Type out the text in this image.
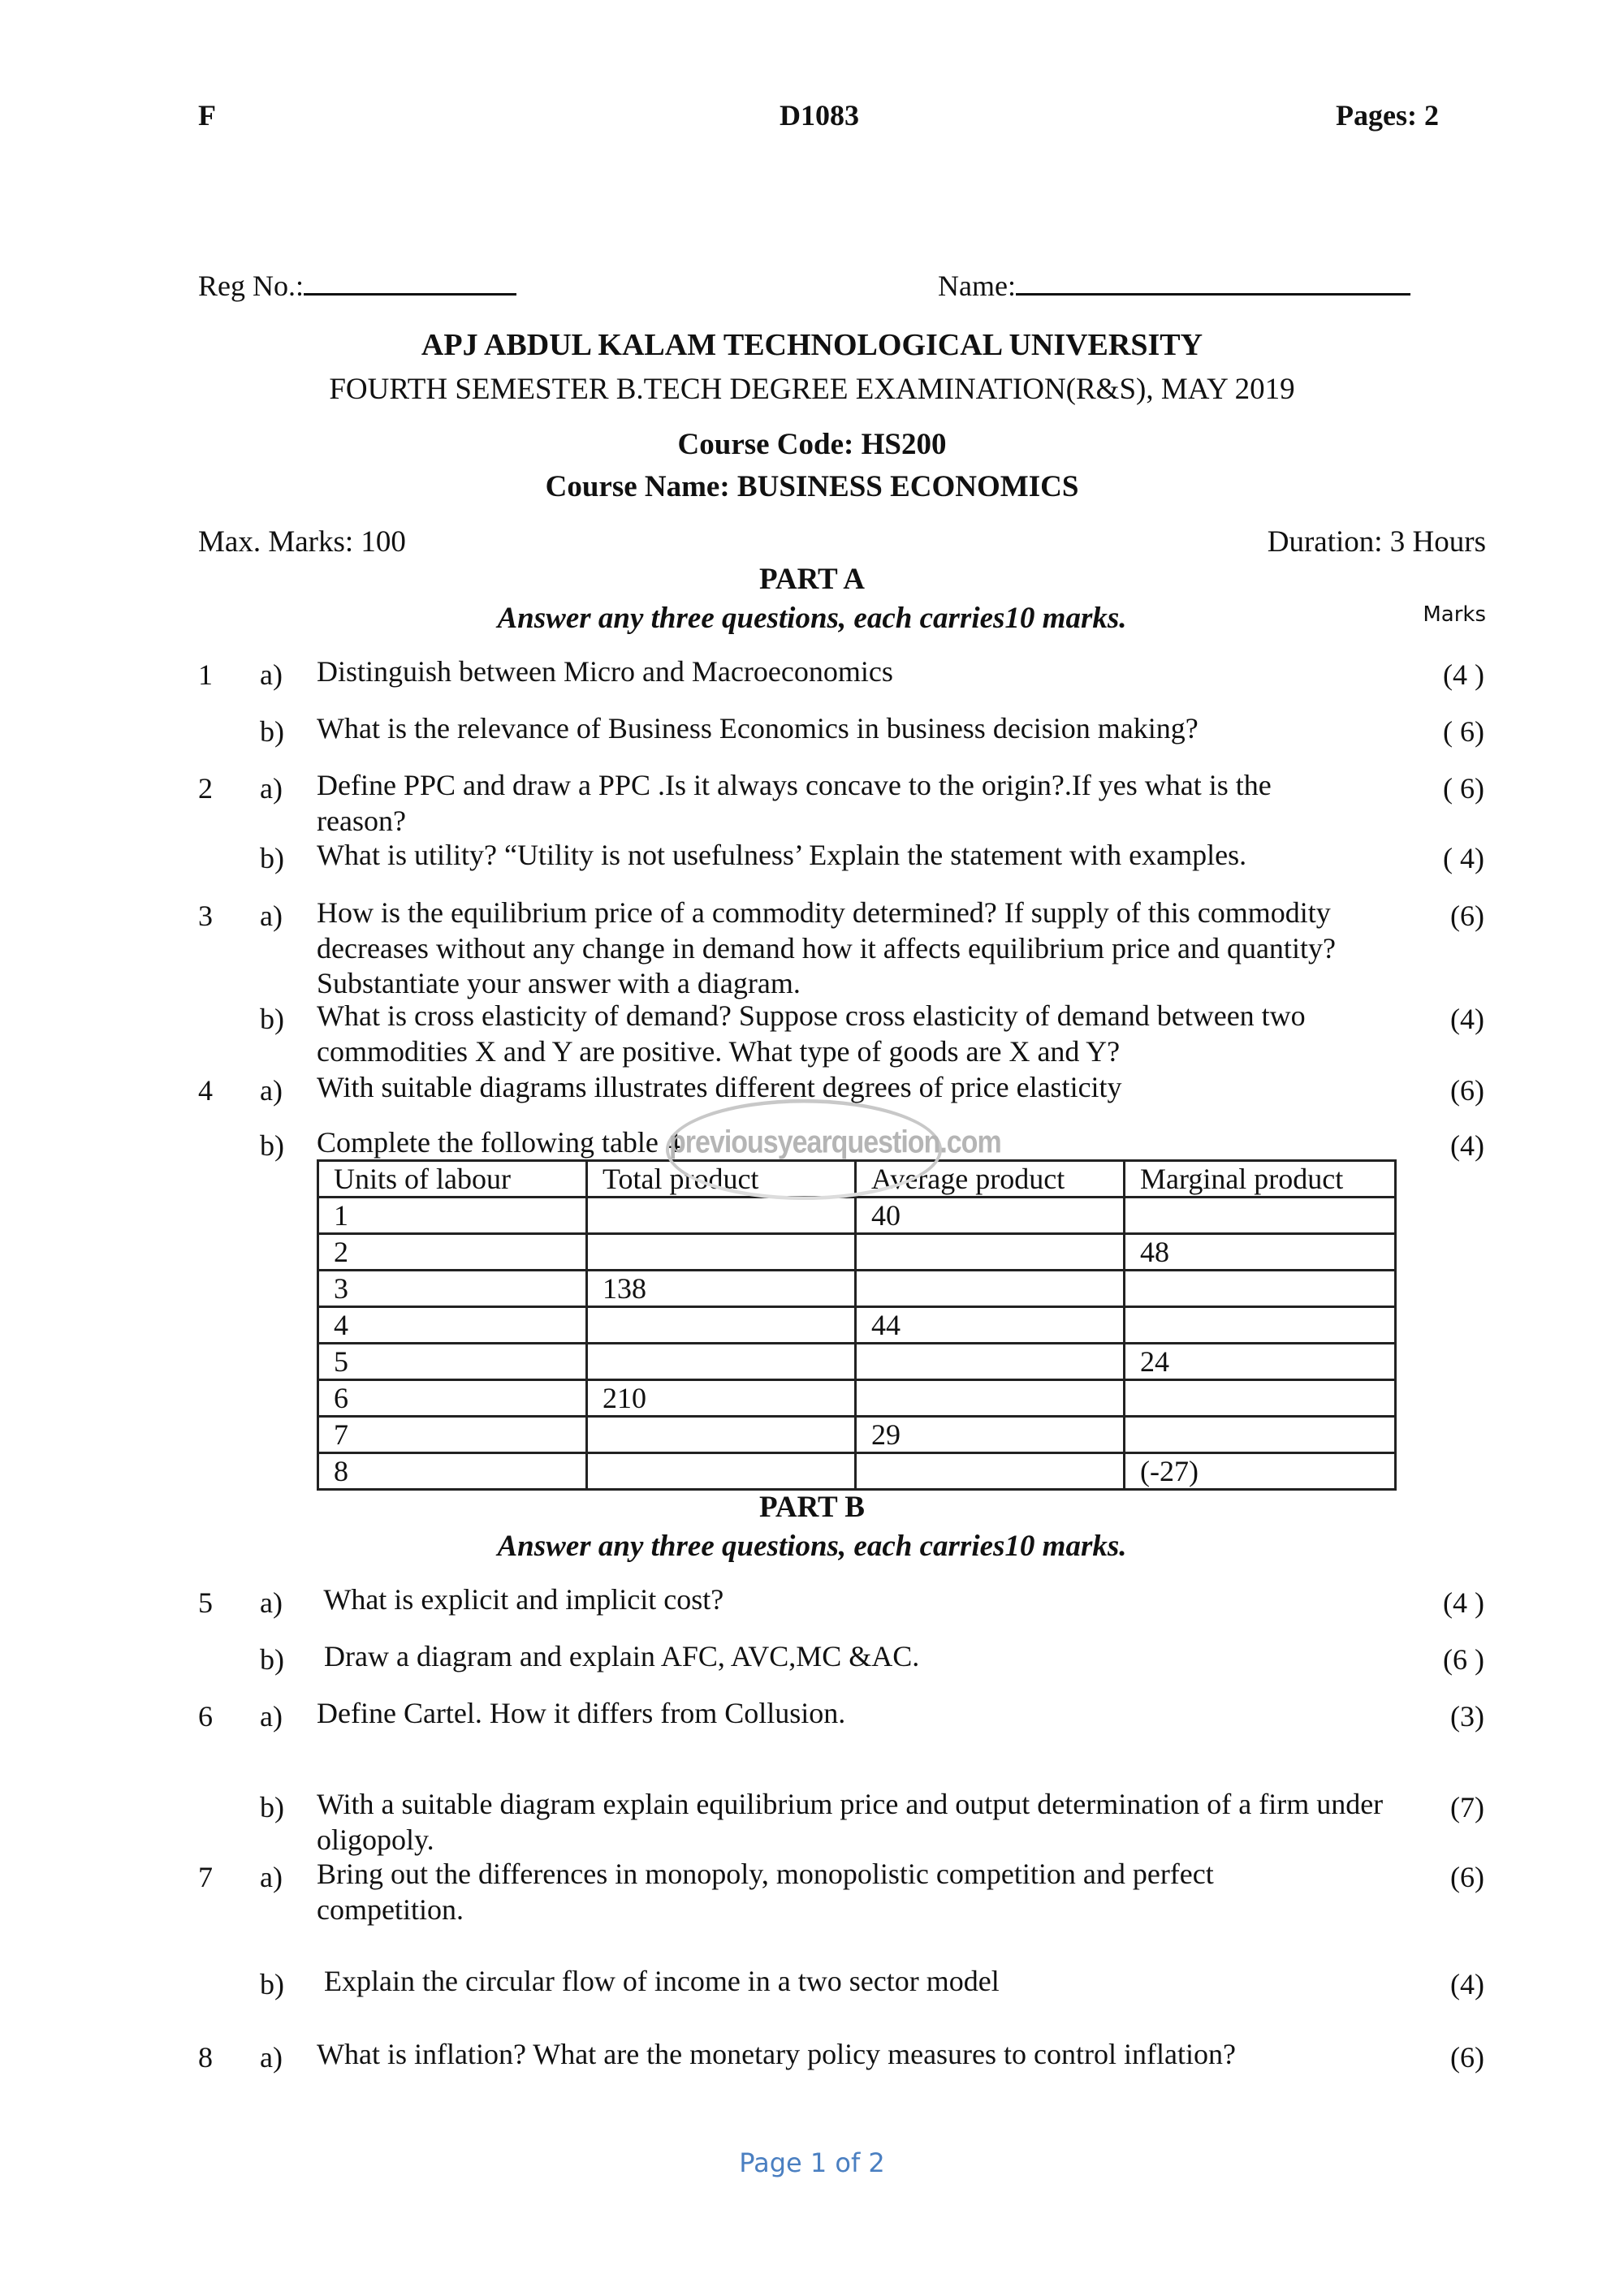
F	D1083	Pages: 2
Reg No.:	Name:
APJ ABDUL KALAM TECHNOLOGICAL UNIVERSITY
FOURTH SEMESTER B.TECH DEGREE EXAMINATION(R&S), MAY 2019
Course Code: HS200
Course Name: BUSINESS ECONOMICS
Max. Marks: 100	Duration: 3 Hours
PART A
Answer any three questions, each carries10 marks.	Marks
1 a) Distinguish between Micro and Macroeconomics	(4 )
b) What is the relevance of Business Economics in business decision making?	( 6)
2 a) Define PPC and draw a PPC .Is it always concave to the origin?.If yes what is the reason?
( 6)
b) What is utility? “Utility is not usefulness’ Explain the statement with examples.	( 4)
3 a) How is the equilibrium price of a commodity determined? If supply of this commodity decreases without any change in demand how it affects equilibrium price and quantity? Substantiate your answer with a diagram.
(6)
b) What is cross elasticity of demand? Suppose cross elasticity of demand between two commodities X and Y are positive. What type of goods are X and Y?
(4)
4 a) With suitable diagrams illustrates different degrees of price elasticity	(6)
b) Complete the following table 4	(4)
Units of labour	Total product	Average product	Marginal product
1		40	
2			48
3	138		
4		44	
5			24
6	210		
7		29	
8			(-27)
previousyearquestion.com
PART B
Answer any three questions, each carries10 marks.
5 a) What is explicit and implicit cost?	(4 )
b) Draw a diagram and explain AFC, AVC,MC &AC.	(6 )
6 a) Define Cartel. How it differs from Collusion.	(3)
b) With a suitable diagram explain equilibrium price and output determination of a firm under oligopoly.
(7)
7 a) Bring out the differences in monopoly, monopolistic competition and perfect competition.
(6)
b) Explain the circular flow of income in a two sector model	(4)
8 a) What is inflation? What are the monetary policy measures to control inflation?	(6)
Page 1 of 2
